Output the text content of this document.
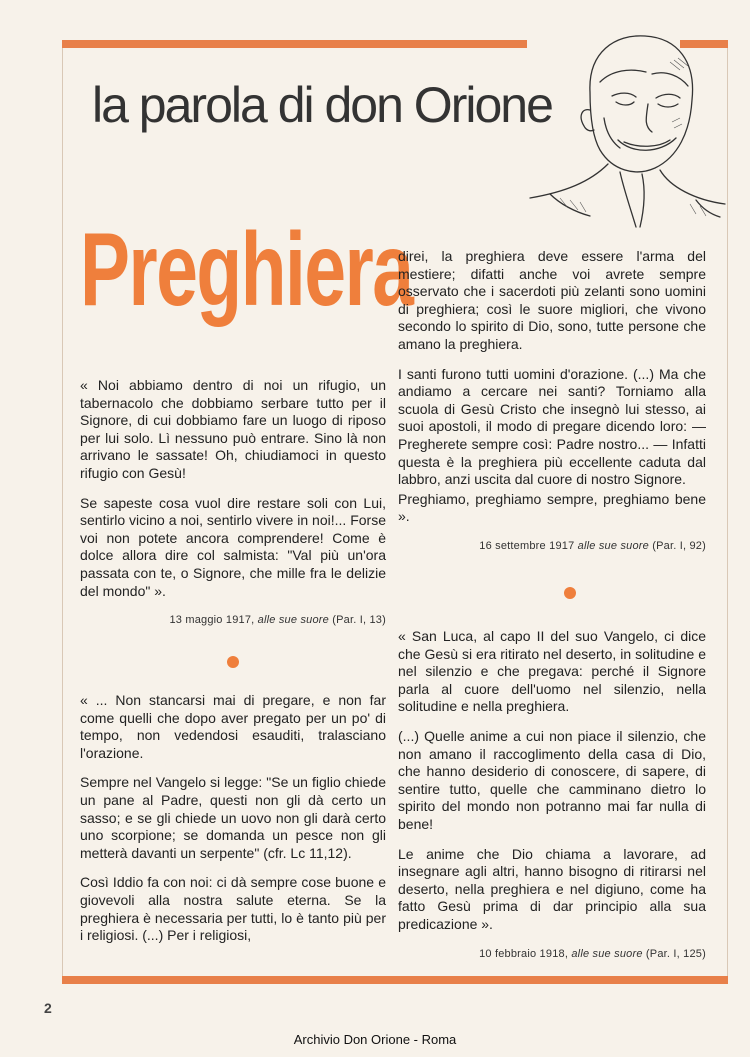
la parola di don Orione
Preghiera

« Noi abbiamo dentro di noi un rifugio, un tabernacolo che dobbiamo serbare tutto per il Signore, di cui dobbiamo fare un luogo di riposo per lui solo. Lì nessuno può entrare. Sino là non arrivano le sassate! Oh, chiudiamoci in questo rifugio con Gesù!

Se sapeste cosa vuol dire restare soli con Lui, sentirlo vicino a noi, sentirlo vivere in noi!... Forse voi non potete ancora comprendere! Come è dolce allora dire col salmista: "Val più un'ora passata con te, o Signore, che mille fra le delizie del mondo" ».

13 maggio 1917, alle sue suore (Par. I, 13)

« ... Non stancarsi mai di pregare, e non far come quelli che dopo aver pregato per un po' di tempo, non vedendosi esauditi, tralasciano l'orazione.

Sempre nel Vangelo si legge: "Se un figlio chiede un pane al Padre, questi non gli dà certo un sasso; e se gli chiede un uovo non gli darà certo uno scorpione; se domanda un pesce non gli metterà davanti un serpente" (cfr. Lc 11,12).

Così Iddio fa con noi: ci dà sempre cose buone e giovevoli alla nostra salute eterna. Se la preghiera è necessaria per tutti, lo è tanto più per i religiosi. (...) Per i religiosi,

direi, la preghiera deve essere l'arma del mestiere; difatti anche voi avrete sempre osservato che i sacerdoti più zelanti sono uomini di preghiera; così le suore migliori, che vivono secondo lo spirito di Dio, sono, tutte persone che amano la preghiera.

I santi furono tutti uomini d'orazione. (...) Ma che andiamo a cercare nei santi? Torniamo alla scuola di Gesù Cristo che insegnò lui stesso, ai suoi apostoli, il modo di pregare dicendo loro: — Pregherete sempre così: Padre nostro... — Infatti questa è la preghiera più eccellente caduta dal labbro, anzi uscita dal cuore di nostro Signore.

Preghiamo, preghiamo sempre, preghiamo bene ».

16 settembre 1917 alle sue suore (Par. I, 92)

« San Luca, al capo II del suo Vangelo, ci dice che Gesù si era ritirato nel deserto, in solitudine e nel silenzio e che pregava: perché il Signore parla al cuore dell'uomo nel silenzio, nella solitudine e nella preghiera.

(...) Quelle anime a cui non piace il silenzio, che non amano il raccoglimento della casa di Dio, che hanno desiderio di conoscere, di sapere, di sentire tutto, quelle che camminano dietro lo spirito del mondo non potranno mai far nulla di bene!

Le anime che Dio chiama a lavorare, ad insegnare agli altri, hanno bisogno di ritirarsi nel deserto, nella preghiera e nel digiuno, come ha fatto Gesù prima di dar principio alla sua predicazione ».

10 febbraio 1918, alle sue suore (Par. I, 125)

2
Archivio Don Orione - Roma
